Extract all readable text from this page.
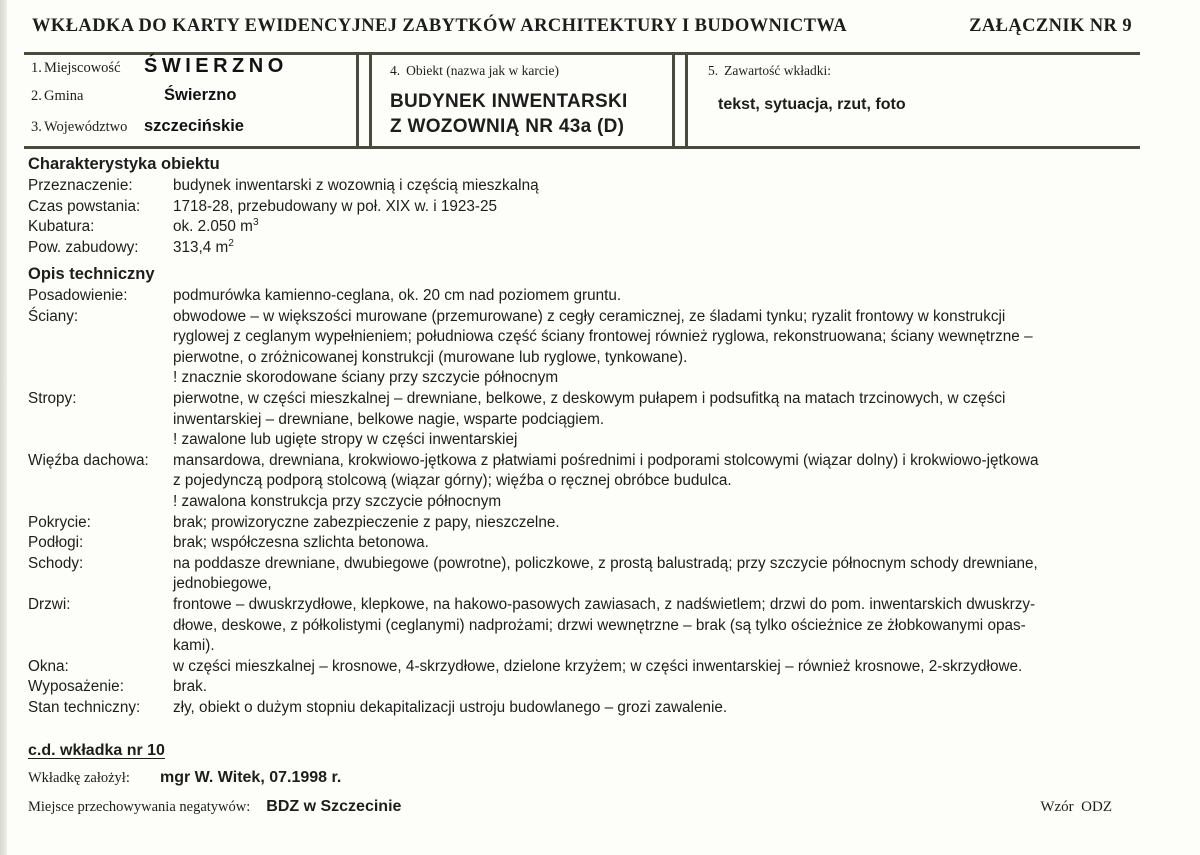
WKŁADKA DO KARTY EWIDENCYJNEJ ZABYTKÓW ARCHITEKTURY I BUDOWNICTWA	ZAŁĄCZNIK NR 9
1. Miejscowość	ŚWIERZNO
2. Gmina	Świerzno
3. Województwo	szczecińskie
4. Obiekt (nazwa jak w karcie)
BUDYNEK INWENTARSKI
Z WOZOWNIĄ NR 43a (D)
5. Zawartość wkładki:
tekst, sytuacja, rzut, foto
Charakterystyka obiektu
Przeznaczenie:	budynek inwentarski z wozownią i częścią mieszkalną
Czas powstania:	1718-28, przebudowany w poł. XIX w. i 1923-25
Kubatura:	ok. 2.050 $m^3$
Pow. zabudowy:	313,4 $m^2$
Opis techniczny
Posadowienie:	podmurówka kamienno-ceglana, ok. 20 cm nad poziomem gruntu.
Ściany:	obwodowe – w większości murowane (przemurowane) z cegły ceramicznej, ze śladami tynku; ryzalit frontowy w konstrukcji
ryglowej z ceglanym wypełnieniem; południowa część ściany frontowej również ryglowa, rekonstruowana; ściany wewnętrzne –
pierwotne, o zróżnicowanej konstrukcji (murowane lub ryglowe, tynkowane).
! znacznie skorodowane ściany przy szczycie północnym
Stropy:	pierwotne, w części mieszkalnej – drewniane, belkowe, z deskowym pułapem i podsufitką na matach trzcinowych, w części
inwentarskiej – drewniane, belkowe nagie, wsparte podciągiem.
! zawalone lub ugięte stropy w części inwentarskiej
Więźba dachowa:	mansardowa, drewniana, krokwiowo-jętkowa z płatwiami pośrednimi i podporami stolcowymi (wiązar dolny) i krokwiowo-jętkowa
z pojedynczą podporą stolcową (wiązar górny); więźba o ręcznej obróbce budulca.
! zawalona konstrukcja przy szczycie północnym
Pokrycie:	brak; prowizoryczne zabezpieczenie z papy, nieszczelne.
Podłogi:	brak; współczesna szlichta betonowa.
Schody:	na poddasze drewniane, dwubiegowe (powrotne), policzkowe, z prostą balustradą; przy szczycie północnym schody drewniane,
jednobiegowe,
Drzwi:	frontowe – dwuskrzydłowe, klepkowe, na hakowo-pasowych zawiasach, z nadświetlem; drzwi do pom. inwentarskich dwuskrzy-
dłowe, deskowe, z półkolistymi (ceglanymi) nadprożami; drzwi wewnętrzne – brak (są tylko ościeżnice ze żłobkowanymi opas-
kami).
Okna:	w części mieszkalnej – krosnowe, 4-skrzydłowe, dzielone krzyżem; w części inwentarskiej – również krosnowe, 2-skrzydłowe.
Wyposażenie:	brak.
Stan techniczny:	zły, obiekt o dużym stopniu dekapitalizacji ustroju budowlanego – grozi zawalenie.
c.d. wkładka nr 10
Wkładkę założył:	mgr W. Witek, 07.1998 r.
Miejsce przechowywania negatywów:	BDZ w Szczecinie	Wzór  ODZ
